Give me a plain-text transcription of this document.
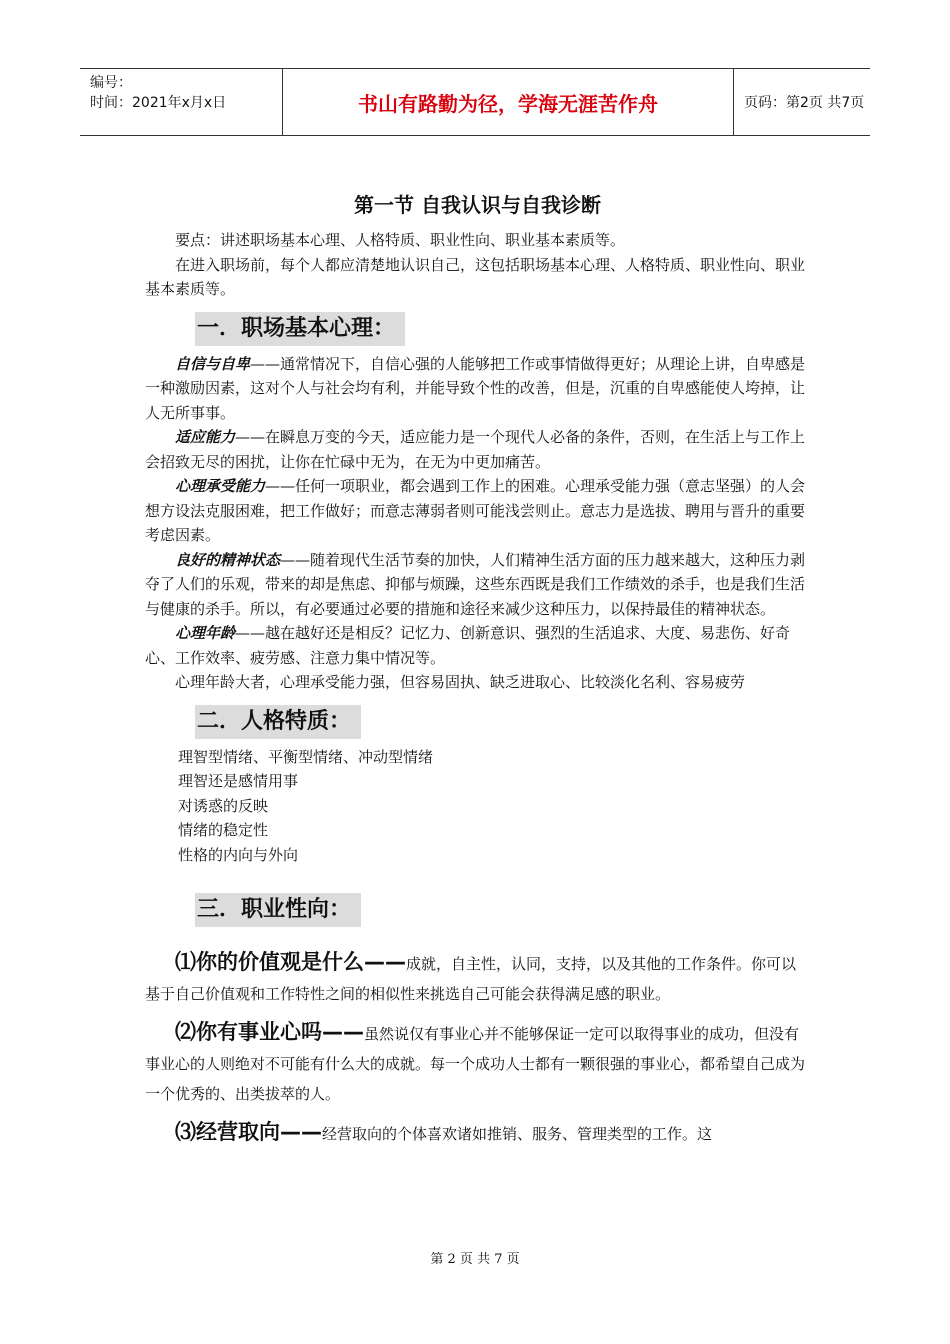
编号：
时间：2021年x月x日	书山有路勤为径，学海无涯苦作舟	页码：第2页 共7页
第一节 自我认识与自我诊断

要点：讲述职场基本心理、人格特质、职业性向、职业基本素质等。

在进入职场前，每个人都应清楚地认识自己，这包括职场基本心理、人格特质、职业性向、职业基本素质等。

一．职场基本心理：

自信与自卑——通常情况下，自信心强的人能够把工作或事情做得更好；从理论上讲，自卑感是一种激励因素，这对个人与社会均有利，并能导致个性的改善，但是，沉重的自卑感能使人垮掉，让人无所事事。

适应能力——在瞬息万变的今天，适应能力是一个现代人必备的条件，否则，在生活上与工作上会招致无尽的困扰，让你在忙碌中无为，在无为中更加痛苦。

心理承受能力——任何一项职业，都会遇到工作上的困难。心理承受能力强（意志坚强）的人会想方设法克服困难，把工作做好；而意志薄弱者则可能浅尝则止。意志力是选拔、聘用与晋升的重要考虑因素。

良好的精神状态——随着现代生活节奏的加快，人们精神生活方面的压力越来越大，这种压力剥夺了人们的乐观，带来的却是焦虑、抑郁与烦躁，这些东西既是我们工作绩效的杀手，也是我们生活与健康的杀手。所以，有必要通过必要的措施和途径来减少这种压力，以保持最佳的精神状态。

心理年龄——越在越好还是相反？记忆力、创新意识、强烈的生活追求、大度、易悲伤、好奇心、工作效率、疲劳感、注意力集中情况等。

心理年龄大者，心理承受能力强，但容易固执、缺乏进取心、比较淡化名利、容易疲劳

二．人格特质：

理智型情绪、平衡型情绪、冲动型情绪

理智还是感情用事

对诱惑的反映

情绪的稳定性

性格的内向与外向

三．职业性向：

⑴你的价值观是什么——成就，自主性，认同，支持，以及其他的工作条件。你可以基于自己价值观和工作特性之间的相似性来挑选自己可能会获得满足感的职业。

⑵你有事业心吗——虽然说仅有事业心并不能够保证一定可以取得事业的成功，但没有事业心的人则绝对不可能有什么大的成就。每一个成功人士都有一颗很强的事业心，都希望自己成为一个优秀的、出类拔萃的人。

⑶经营取向——经营取向的个体喜欢诸如推销、服务、管理类型的工作。这

第 2 页 共 7 页
